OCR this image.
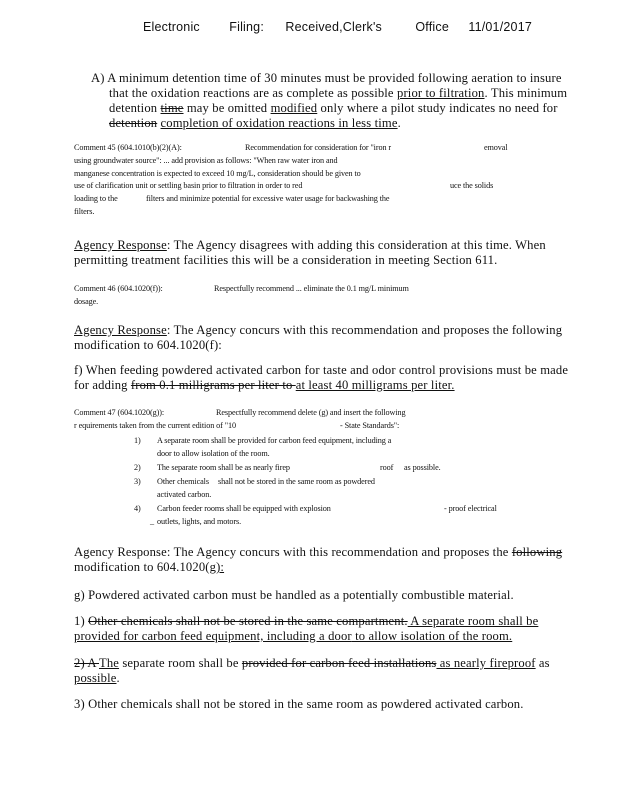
Electronic Filing: Received,Clerk's	Office 11/01/2017
A) A minimum detention time of 30 minutes must be provided following aeration to insure
that the oxidation reactions are as complete as possible prior to filtration. This minimum
detention time may be omitted modified only where a pilot study indicates no need for
detention completion of oxidation reactions in less time.
Comment 45 (604.1010(b)(2)(A):	Recommendation for consideration for "iron r	emoval
using groundwater source": ... add provision as follows: "When raw water iron and
manganese concentration is expected to exceed 10 mg/L, consideration should be given to
use of clarification unit or settling basin prior to filtration in order to red	uce the solids
loading to the	filters and minimize potential for excessive water usage for backwashing the
filters.
Agency Response: The Agency disagrees with adding this consideration at this time. When
permitting treatment facilities this will be a consideration in meeting Section 611.
Comment 46 (604.1020(f)):	Respectfully recommend ... eliminate the 0.1 mg/L minimum
dosage.
Agency Response: The Agency concurs with this recommendation and proposes the following
modification to 604.1020(f):
f) When feeding powdered activated carbon for taste and odor control provisions must be made
for adding from 0.1 milligrams per liter to at least 40 milligrams per liter.
Comment 47 (604.1020(g)):	Respectfully recommend delete (g) and insert the following
r equirements taken from the current edition of "10	- State Standards":
1) A separate room shall be provided for carbon feed equipment, including a
door to allow isolation of the room.
2) The separate room shall be as nearly firep	roof as possible.
3) Other chemicals shall not be stored in the same room as powdered
activated carbon.
4) Carbon feeder rooms shall be equipped with explosion	- proof electrical
_ outlets, lights, and motors.
Agency Response: The Agency concurs with this recommendation and proposes the following
modification to 604.1020(g):
g) Powdered activated carbon must be handled as a potentially combustible material.
1) Other chemicals shall not be stored in the same compartment. A separate room shall be
provided for carbon feed equipment, including a door to allow isolation of the room.
2) A The separate room shall be provided for carbon feed installations as nearly fireproof as
possible.
3) Other chemicals shall not be stored in the same room as powdered activated carbon.
